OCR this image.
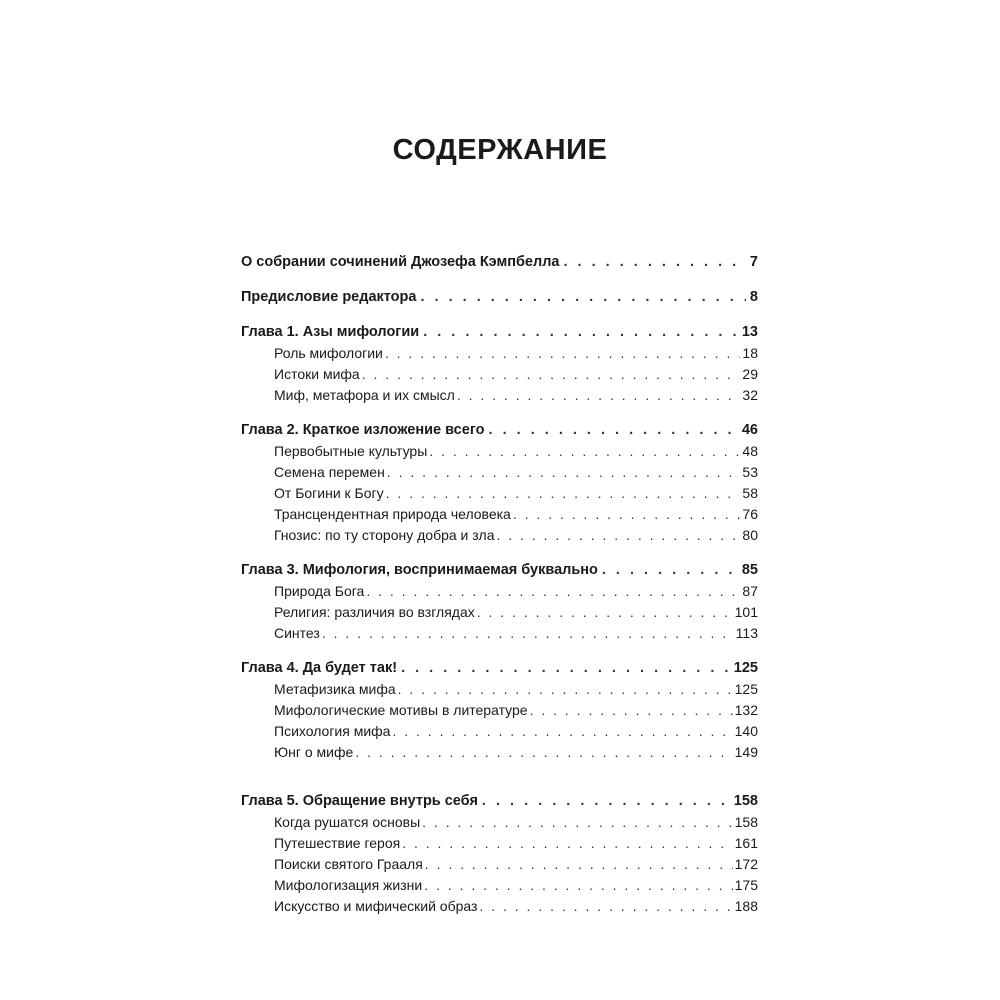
СОДЕРЖАНИЕ
О собрании сочинений Джозефа Кэмпбелла . . .	7
Предисловие редактора . . .	8
Глава 1. Азы мифологии . . .	13
Роль мифологии . . .	18
Истоки мифа . . .	29
Миф, метафора и их смысл . . .	32
Глава 2. Краткое изложение всего . . .	46
Первобытные культуры . . .	48
Семена перемен . . .	53
От Богини к Богу . . .	58
Трансцендентная природа человека . . .	76
Гнозис: по ту сторону добра и зла . . .	80
Глава 3. Мифология, воспринимаемая буквально . . .	85
Природа Бога . . .	87
Религия: различия во взглядах . . .	101
Синтез . . .	113
Глава 4. Да будет так! . . .	125
Метафизика мифа . . .	125
Мифологические мотивы в литературе . . .	132
Психология мифа . . .	140
Юнг о мифе . . .	149
Глава 5. Обращение внутрь себя . . .	158
Когда рушатся основы . . .	158
Путешествие героя . . .	161
Поиски святого Грааля . . .	172
Мифологизация жизни . . .	175
Искусство и мифический образ . . .	188
